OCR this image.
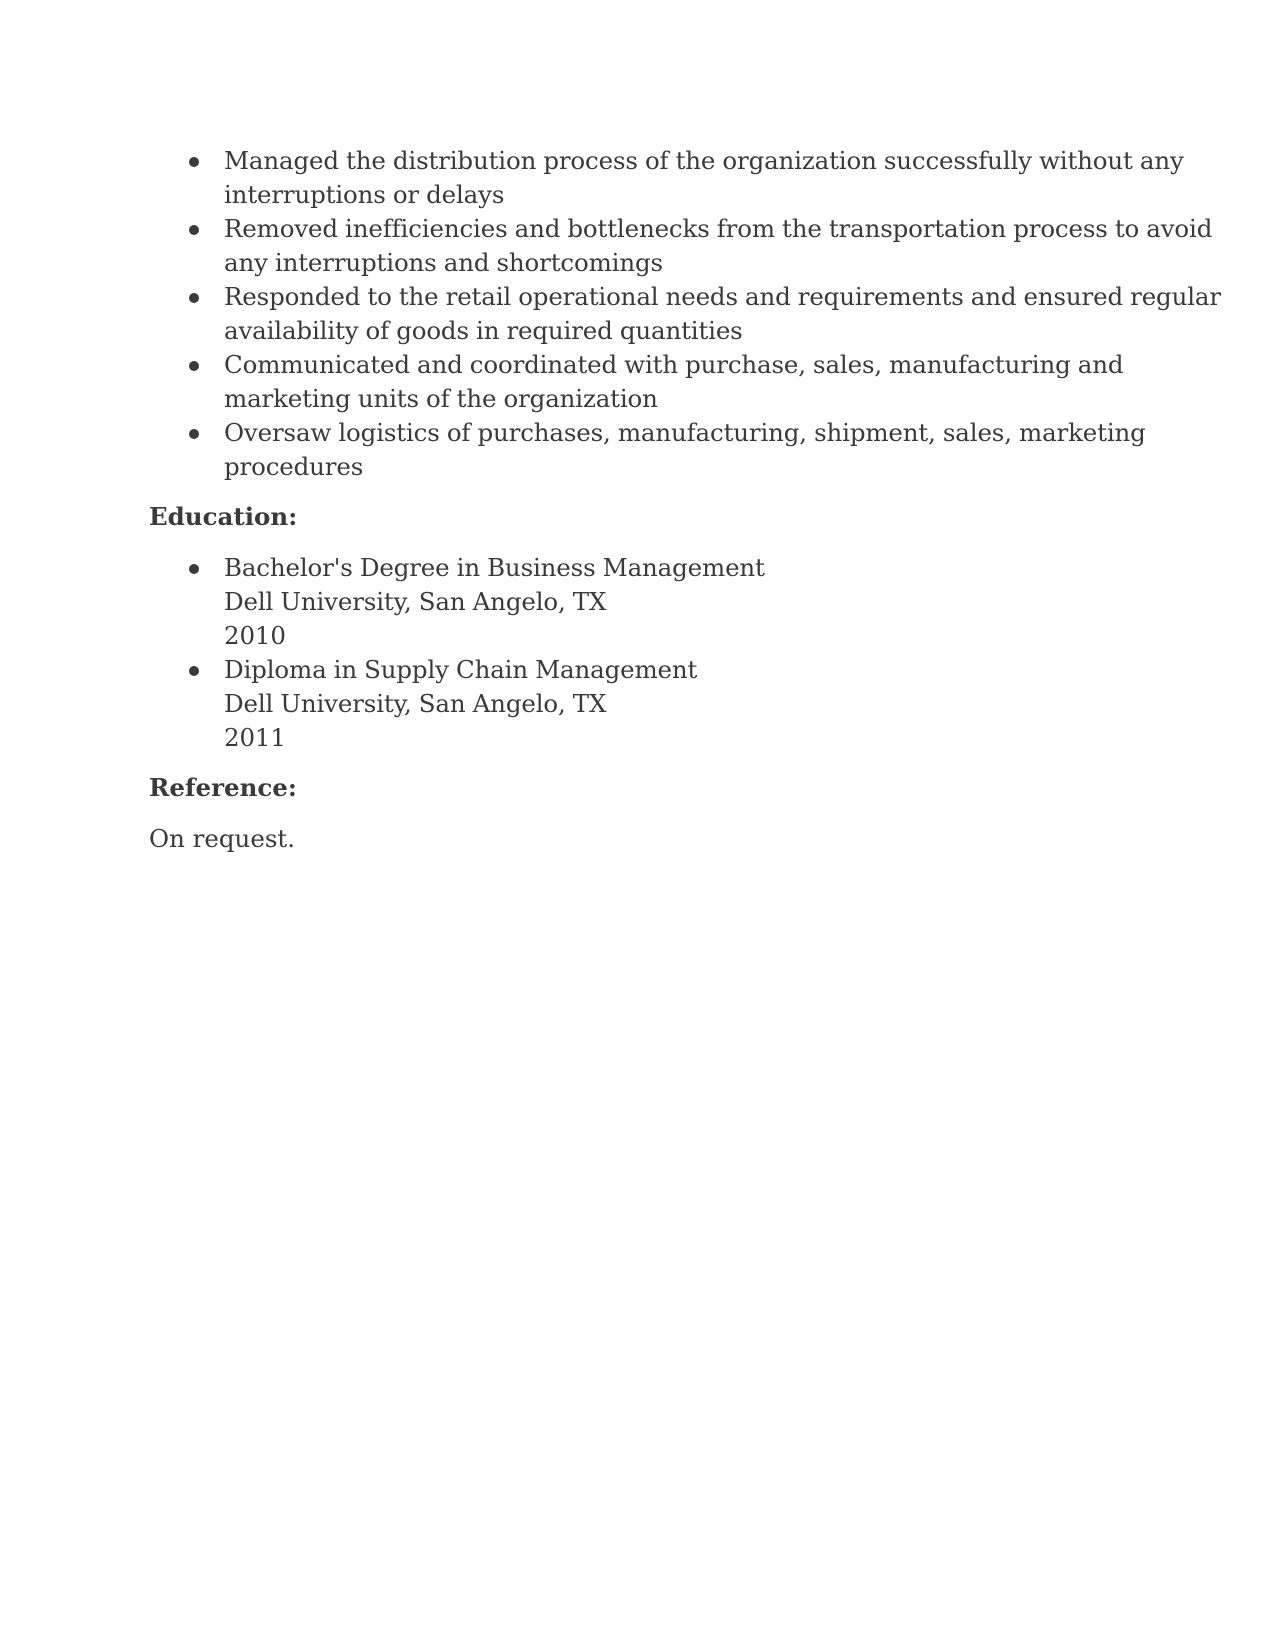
Managed the distribution process of the organization successfully without any
interruptions or delays
Removed inefficiencies and bottlenecks from the transportation process to avoid
any interruptions and shortcomings
Responded to the retail operational needs and requirements and ensured regular
availability of goods in required quantities
Communicated and coordinated with purchase, sales, manufacturing and
marketing units of the organization
Oversaw logistics of purchases, manufacturing, shipment, sales, marketing
procedures
Education:
Bachelor's Degree in Business Management
Dell University, San Angelo, TX
2010
Diploma in Supply Chain Management
Dell University, San Angelo, TX
2011
Reference:

On request.
